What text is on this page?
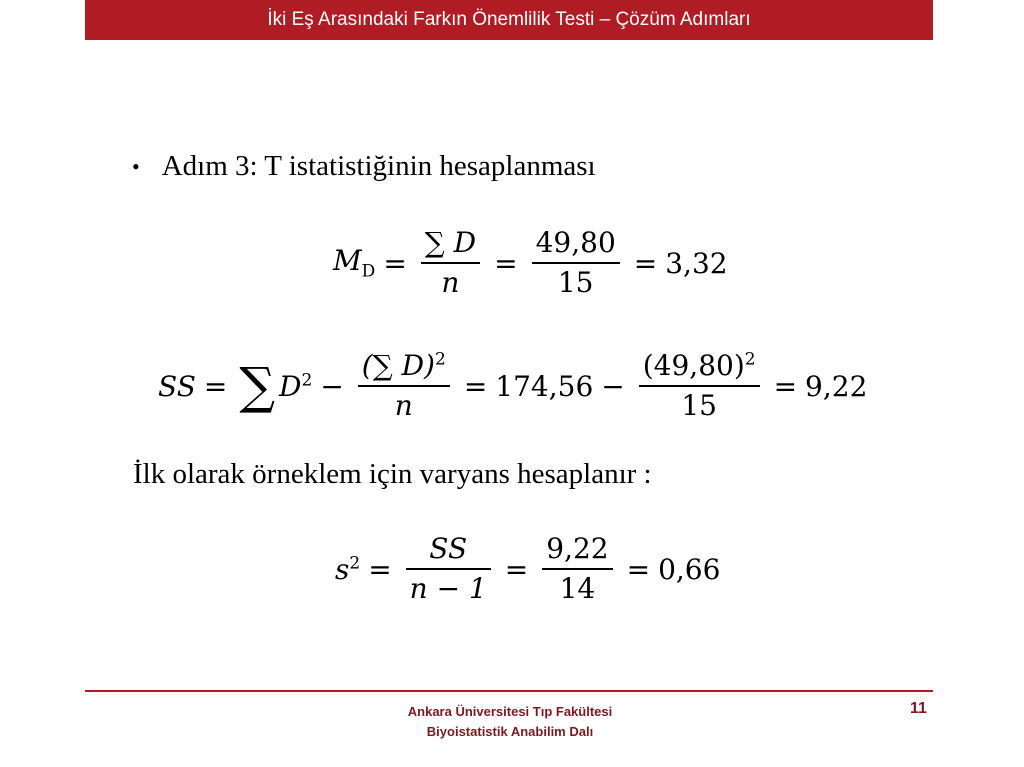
İki Eş Arasındaki Farkın Önemlilik Testi – Çözüm Adımları
• Adım 3: T istatistiğinin hesaplanması
$M_D = \frac{\sum D}{n} = \frac{49,80}{15} = 3,32$
SS = ∑ $D^2 - \frac{(\sum D)^2}{n} = 174,56 - \frac{(49,80)^2}{15} = 9,22$
İlk olarak örneklem için varyans hesaplanır :
$s^2 = \frac{SS}{n - 1} = \frac{9,22}{14} = 0,66$
Ankara Üniversitesi Tıp Fakültesi
Biyoistatistik Anabilim Dalı
11
